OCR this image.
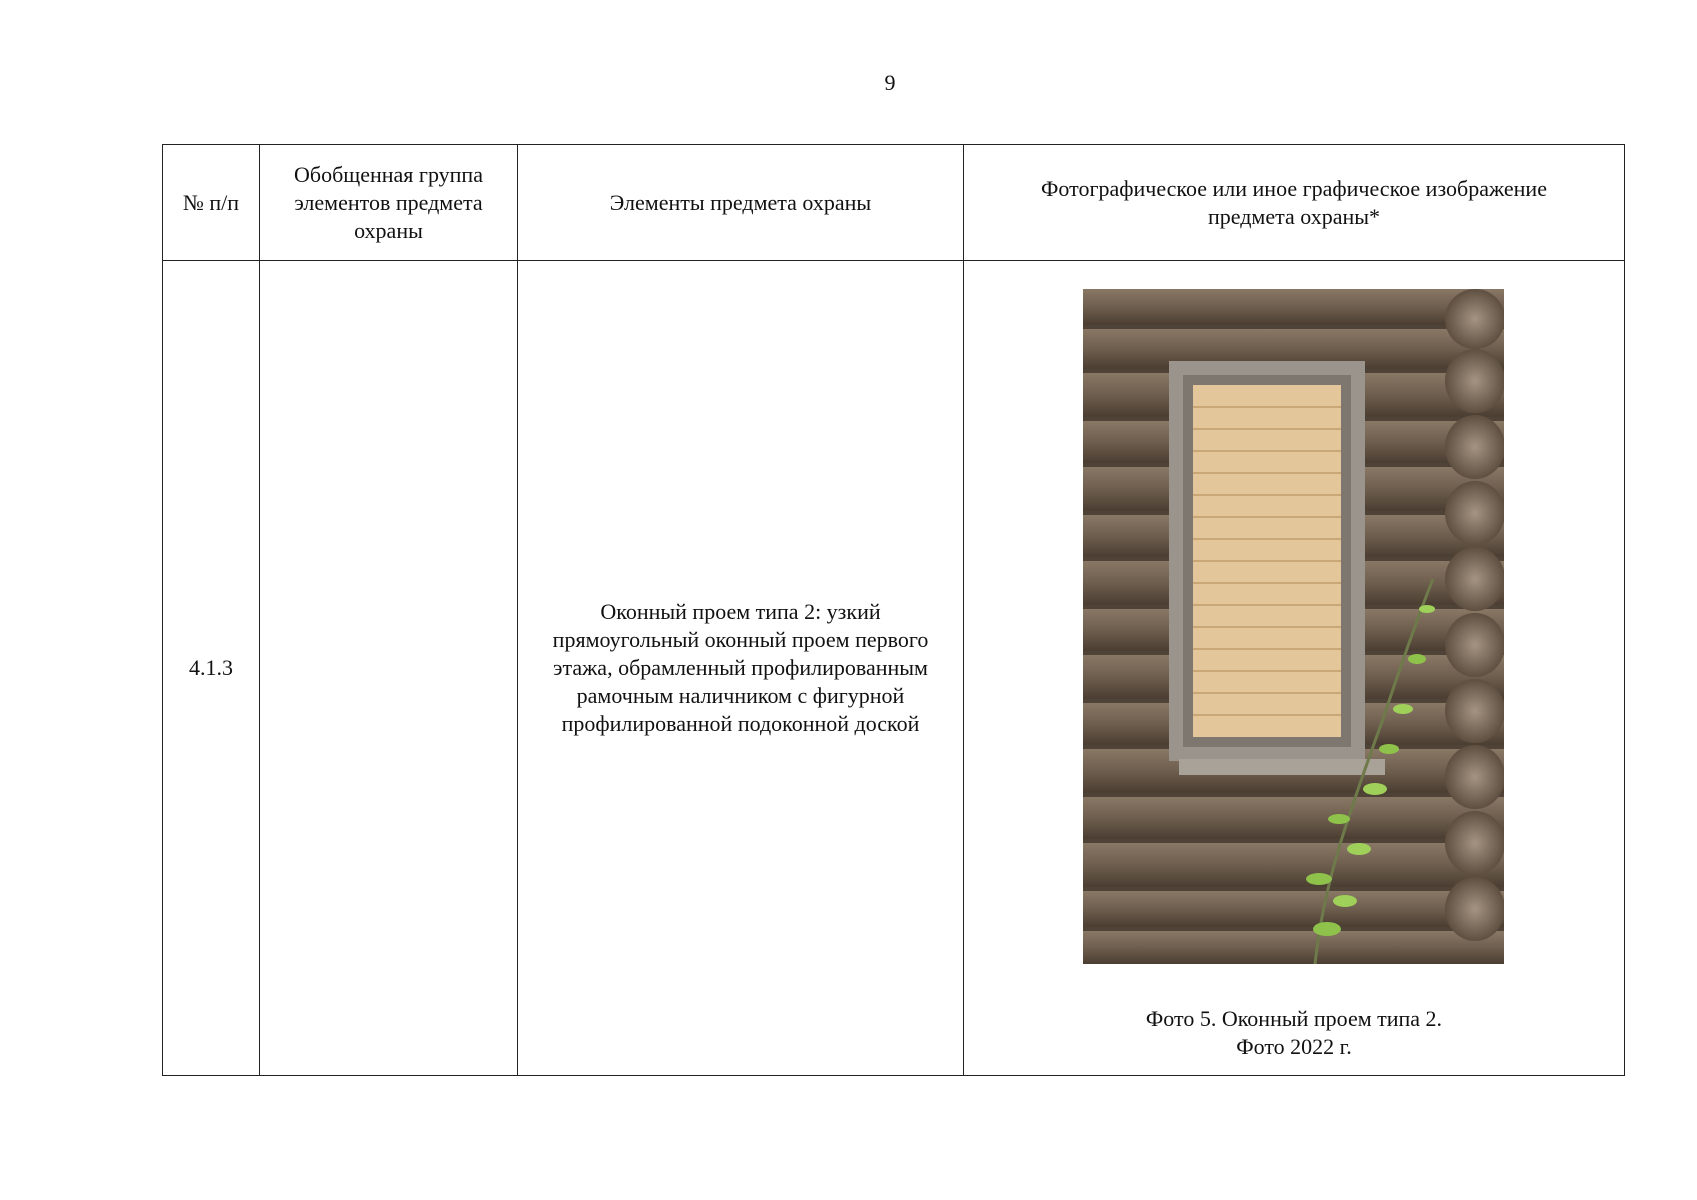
9
№ п/п	Обобщенная группа элементов предмета охраны	Элементы предмета охраны	Фотографическое или иное графическое изображение предмета охраны*
4.1.3		Оконный проем типа 2: узкий прямоугольный оконный проем первого этажа, обрамленный профилированным рамочным наличником с фигурной профилированной подоконной доской	Фото 5. Оконный проем типа 2.
Фото 2022 г.
